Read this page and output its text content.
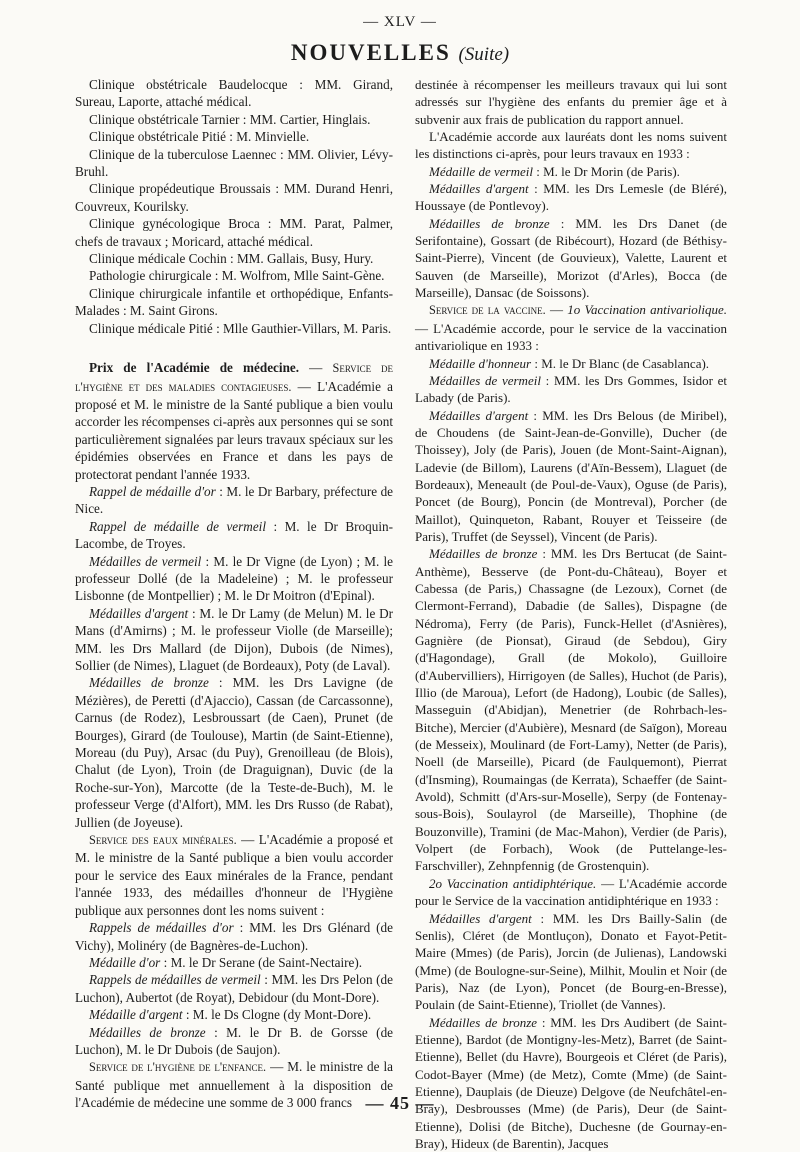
— XLV —
NOUVELLES (Suite)

Clinique obstétricale Baudelocque : MM. Girand, Sureau, Laporte, attaché médical.

Clinique obstétricale Tarnier : MM. Cartier, Hinglais.

Clinique obstétricale Pitié : M. Minvielle.

Clinique de la tuberculose Laennec : MM. Olivier, Lévy-Bruhl.

Clinique propédeutique Broussais : MM. Durand Henri, Couvreux, Kourilsky.

Clinique gynécologique Broca : MM. Parat, Palmer, chefs de travaux ; Moricard, attaché médical.

Clinique médicale Cochin : MM. Gallais, Busy, Hury.

Pathologie chirurgicale : M. Wolfrom, Mlle Saint-Gène.

Clinique chirurgicale infantile et orthopédique, Enfants-Malades : M. Saint Girons.

Clinique médicale Pitié : Mlle Gauthier-Villars, M. Paris.

Prix de l'Académie de médecine. — Service de l'hygiène et des maladies contagieuses. — L'Académie a proposé et M. le ministre de la Santé publique a bien voulu accorder les récompenses ci-après aux personnes qui se sont particulièrement signalées par leurs travaux spéciaux sur les épidémies observées en France et dans les pays de protectorat pendant l'année 1933.

Rappel de médaille d'or : M. le Dr Barbary, préfecture de Nice.

Rappel de médaille de vermeil : M. le Dr Broquin-Lacombe, de Troyes.

Médailles de vermeil : M. le Dr Vigne (de Lyon) ; M. le professeur Dollé (de la Madeleine) ; M. le professeur Lisbonne (de Montpellier) ; M. le Dr Moitron (d'Epinal).

Médailles d'argent : M. le Dr Lamy (de Melun) M. le Dr Mans (d'Amirns) ; M. le professeur Violle (de Marseille); MM. les Drs Mallard (de Dijon), Dubois (de Nimes), Sollier (de Nimes), Llaguet (de Bordeaux), Poty (de Laval).

Médailles de bronze : MM. les Drs Lavigne (de Mézières), de Peretti (d'Ajaccio), Cassan (de Carcassonne), Carnus (de Rodez), Lesbroussart (de Caen), Prunet (de Bourges), Girard (de Toulouse), Martin (de Saint-Etienne), Moreau (du Puy), Arsac (du Puy), Grenoilleau (de Blois), Chalut (de Lyon), Troin (de Draguignan), Duvic (de la Roche-sur-Yon), Marcotte (de la Teste-de-Buch), M. le professeur Verge (d'Alfort), MM. les Drs Russo (de Rabat), Jullien (de Joyeuse).

Service des eaux minérales. — L'Académie a proposé et M. le ministre de la Santé publique a bien voulu accorder pour le service des Eaux minérales de la France, pendant l'année 1933, des médailles d'honneur de l'Hygiène publique aux personnes dont les noms suivent :

Rappels de médailles d'or : MM. les Drs Glénard (de Vichy), Molinéry (de Bagnères-de-Luchon).

Médaille d'or : M. le Dr Serane (de Saint-Nectaire).

Rappels de médailles de vermeil : MM. les Drs Pelon (de Luchon), Aubertot (de Royat), Debidour (du Mont-Dore).

Médaille d'argent : M. le Ds Clogne (dy Mont-Dore).

Médailles de bronze : M. le Dr B. de Gorsse (de Luchon), M. le Dr Dubois (de Saujon).

Service de l'hygiène de l'enfance. — M. le ministre de la Santé publique met annuellement à la disposition de l'Académie de médecine une somme de 3 000 francs

destinée à récompenser les meilleurs travaux qui lui sont adressés sur l'hygiène des enfants du premier âge et à subvenir aux frais de publication du rapport annuel.

L'Académie accorde aux lauréats dont les noms suivent les distinctions ci-après, pour leurs travaux en 1933 :

Médaille de vermeil : M. le Dr Morin (de Paris).

Médailles d'argent : MM. les Drs Lemesle (de Bléré), Houssaye (de Pontlevoy).

Médailles de bronze : MM. les Drs Danet (de Serifontaine), Gossart (de Ribécourt), Hozard (de Béthisy-Saint-Pierre), Vincent (de Gouvieux), Valette, Laurent et Sauven (de Marseille), Morizot (d'Arles), Bocca (de Marseille), Dansac (de Soissons).

Service de la vaccine. — 1o Vaccination antivariolique. — L'Académie accorde, pour le service de la vaccination antivariolique en 1933 :

Médaille d'honneur : M. le Dr Blanc (de Casablanca).

Médailles de vermeil : MM. les Drs Gommes, Isidor et Labady (de Paris).

Médailles d'argent : MM. les Drs Belous (de Miribel), de Choudens (de Saint-Jean-de-Gonville), Ducher (de Thoissey), Joly (de Paris), Jouen (de Mont-Saint-Aignan), Ladevie (de Billom), Laurens (d'Aïn-Bessem), Llaguet (de Bordeaux), Meneault (de Poul-de-Vaux), Oguse (de Paris), Poncet (de Bourg), Poncin (de Montreval), Porcher (de Maillot), Quinqueton, Rabant, Rouyer et Teisseire (de Paris), Truffet (de Seyssel), Vincent (de Paris).

Médailles de bronze : MM. les Drs Bertucat (de Saint-Anthème), Besserve (de Pont-du-Château), Boyer et Cabessa (de Paris,) Chassagne (de Lezoux), Cornet (de Clermont-Ferrand), Dabadie (de Salles), Dispagne (de Nédroma), Ferry (de Paris), Funck-Hellet (d'Asnières), Gagnière (de Pionsat), Giraud (de Sebdou), Giry (d'Hagondage), Grall (de Mokolo), Guilloire (d'Aubervilliers), Hirrigoyen (de Salles), Huchot (de Paris), Illio (de Maroua), Lefort (de Hadong), Loubic (de Salles), Masseguin (d'Abidjan), Menetrier (de Rohrbach-les-Bitche), Mercier (d'Aubière), Mesnard (de Saïgon), Moreau (de Messeix), Moulinard (de Fort-Lamy), Netter (de Paris), Noell (de Marseille), Picard (de Faulquemont), Pierrat (d'Insming), Roumaingas (de Kerrata), Schaeffer (de Saint-Avold), Schmitt (d'Ars-sur-Moselle), Serpy (de Fontenay-sous-Bois), Soulayrol (de Marseille), Thophine (de Bouzonville), Tramini (de Mac-Mahon), Verdier (de Paris), Volpert (de Forbach), Wook (de Puttelange-les-Farschviller), Zehnpfennig (de Grostenquin).

2o Vaccination antidiphtérique. — L'Académie accorde pour le Service de la vaccination antidiphtérique en 1933 :

Médailles d'argent : MM. les Drs Bailly-Salin (de Senlis), Cléret (de Montluçon), Donato et Fayot-Petit-Maire (Mmes) (de Paris), Jorcin (de Julienas), Landowski (Mme) (de Boulogne-sur-Seine), Milhit, Moulin et Noir (de Paris), Naz (de Lyon), Poncet (de Bourg-en-Bresse), Poulain (de Saint-Etienne), Triollet (de Vannes).

Médailles de bronze : MM. les Drs Audibert (de Saint-Etienne), Bardot (de Montigny-les-Metz), Barret (de Saint-Etienne), Bellet (du Havre), Bourgeois et Cléret (de Paris), Codot-Bayer (Mme) (de Metz), Comte (Mme) (de Saint-Etienne), Dauplais (de Dieuze) Delgove (de Neufchâtel-en-Bray), Desbrousses (Mme) (de Paris), Deur (de Saint-Etienne), Dolisi (de Bitche), Duchesne (de Gournay-en-Bray), Hideux (de Barentin), Jacques

— 45 —
